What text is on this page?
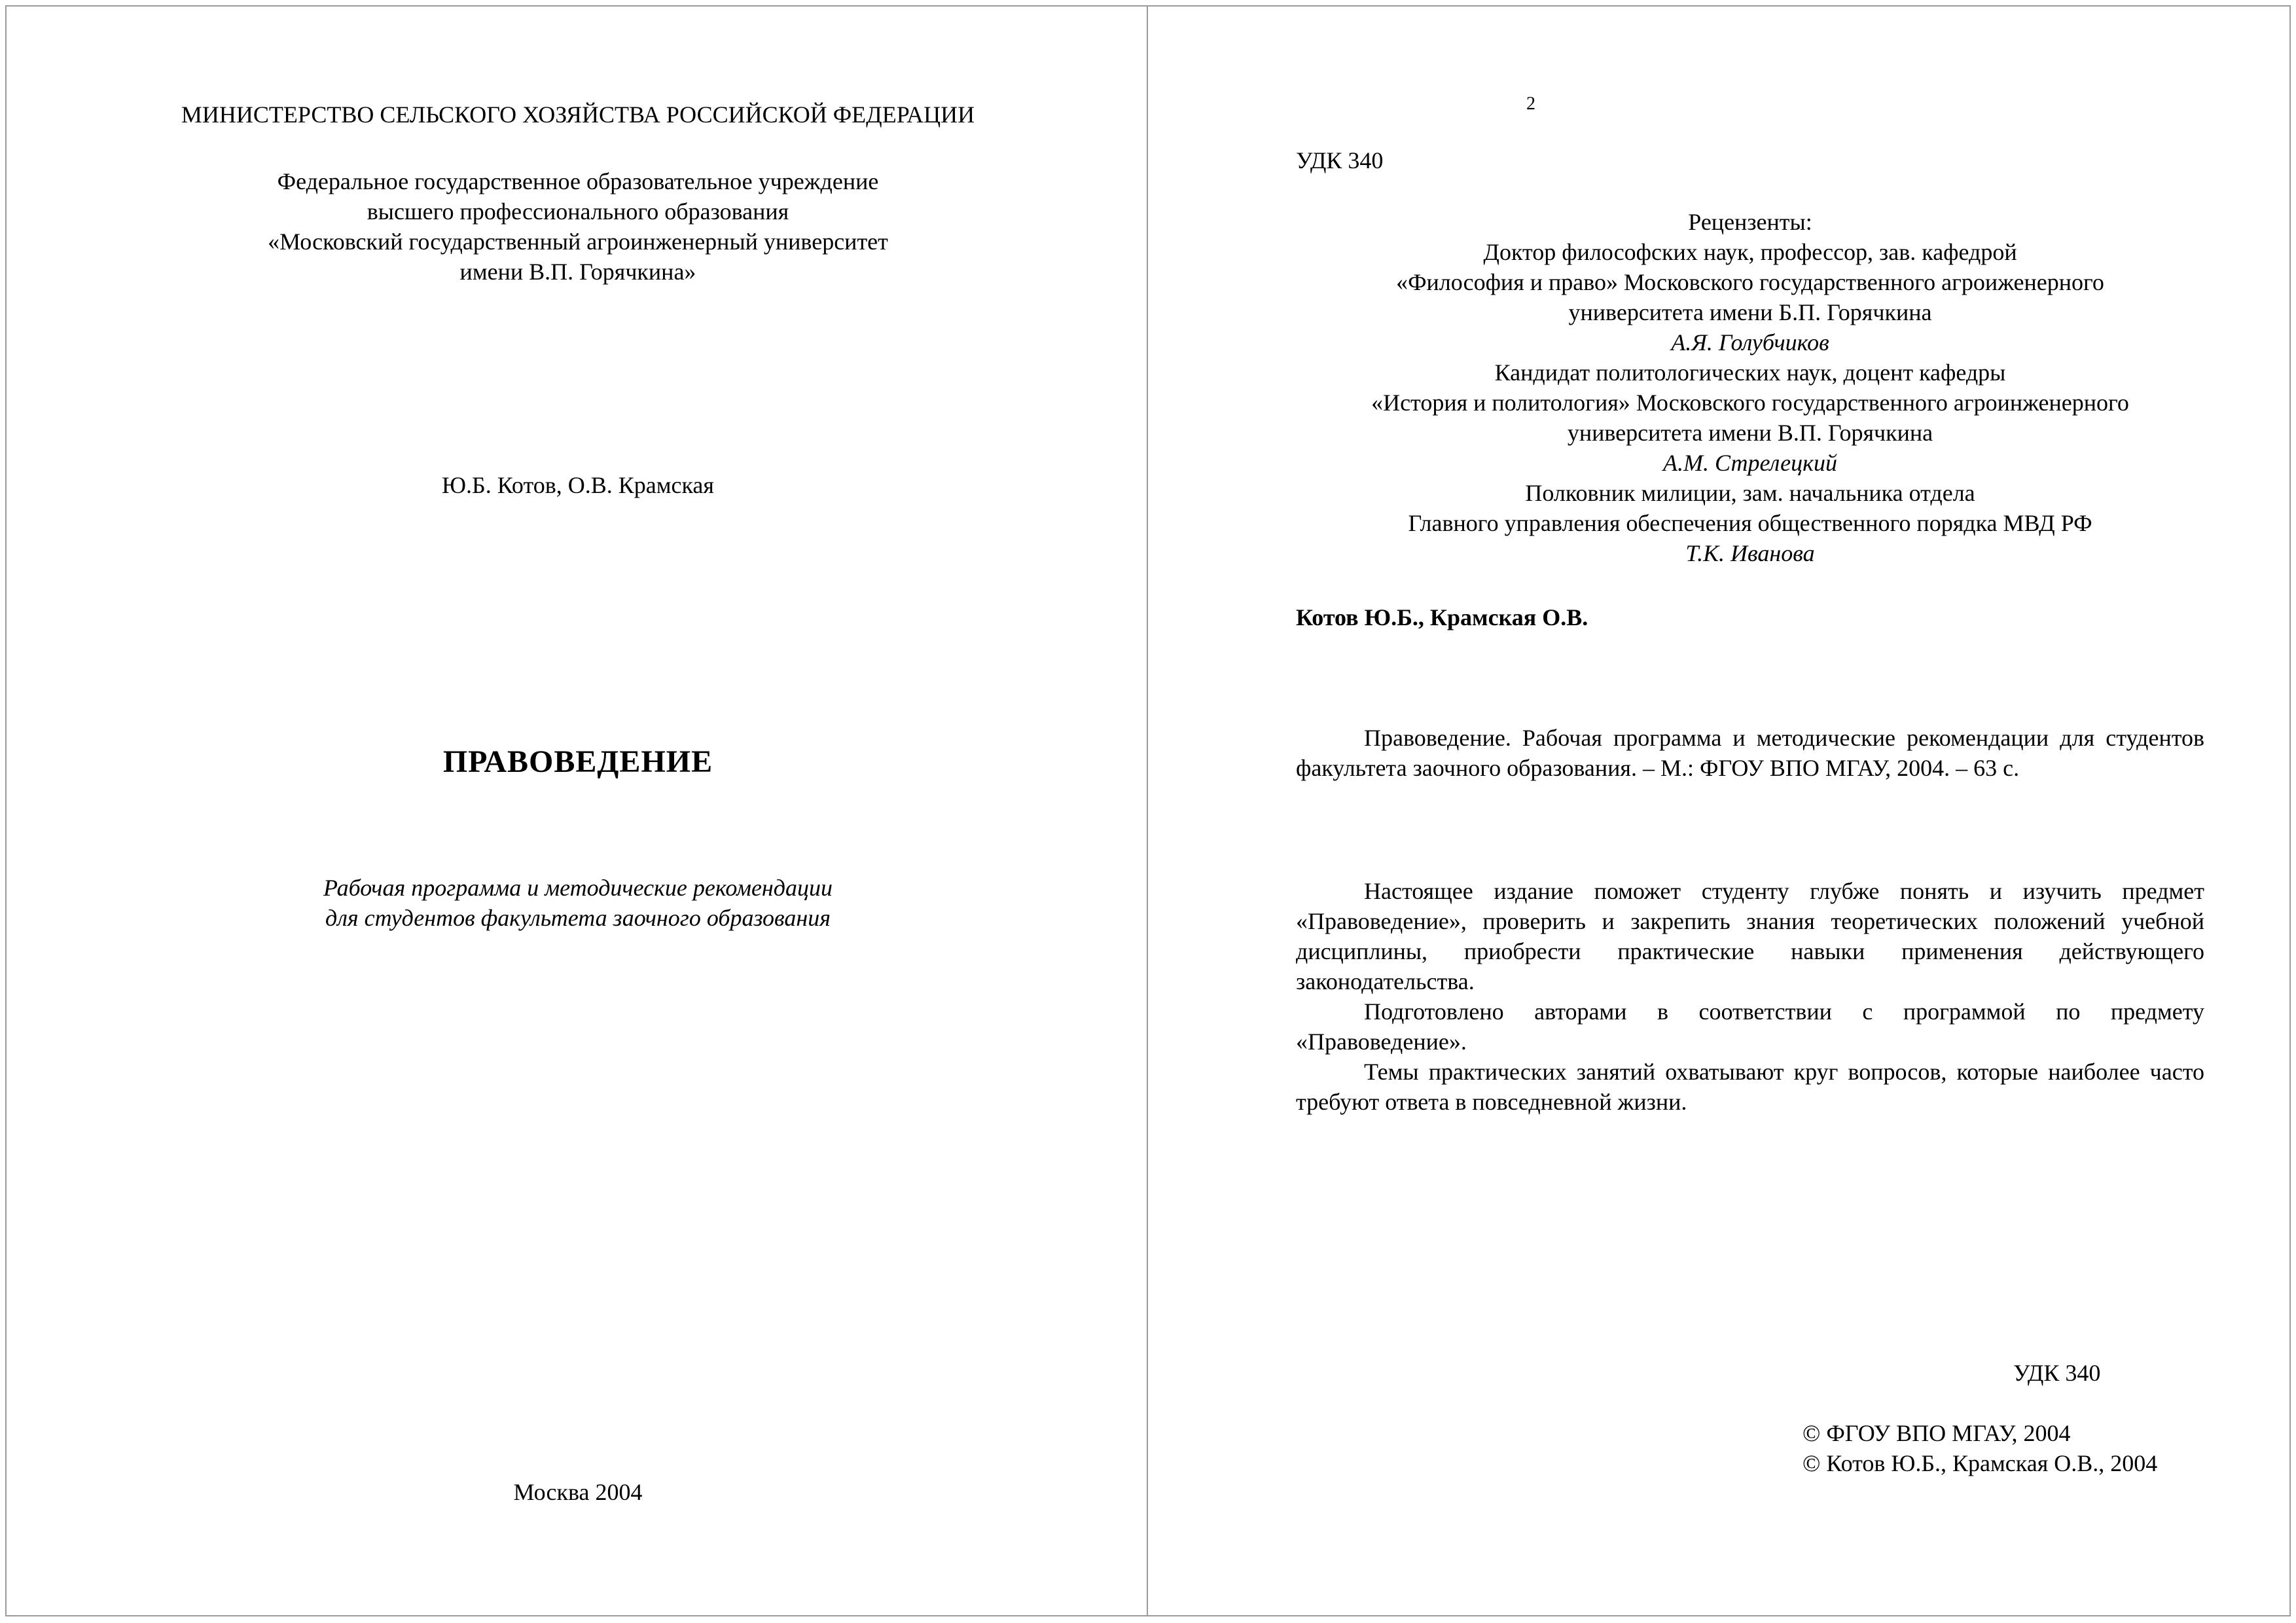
МИНИСТЕРСТВО СЕЛЬСКОГО ХОЗЯЙСТВА РОССИЙСКОЙ ФЕДЕРАЦИИ
Федеральное государственное образовательное учреждение
высшего профессионального образования
«Московский государственный агроинженерный университет
имени В.П. Горячкина»
Ю.Б. Котов, О.В. Крамская
ПРАВОВЕДЕНИЕ
Рабочая программа и методические рекомендации
для студентов факультета заочного образования
Москва 2004
2
УДК 340
Рецензенты:
Доктор философских наук, профессор, зав. кафедрой
«Философия и право» Московского государственного агроиженерного
университета имени Б.П. Горячкина
А.Я. Голубчиков
Кандидат политологических наук, доцент кафедры
«История и политология» Московского государственного агроинженерного
университета имени В.П. Горячкина
А.М. Стрелецкий
Полковник милиции, зам. начальника отдела
Главного управления обеспечения общественного порядка МВД РФ
Т.К. Иванова
Котов Ю.Б., Крамская О.В.

Правоведение. Рабочая программа и методические рекомендации для студентов факультета заочного образования. – М.: ФГОУ ВПО МГАУ, 2004. – 63 с.

Настоящее издание поможет студенту глубже понять и изучить предмет «Правоведение», проверить и закрепить знания теоретических положений учебной дисциплины, приобрести практические навыки применения действующего законодательства.

Подготовлено авторами в соответствии с программой по предмету «Правоведение».

Темы практических занятий охватывают круг вопросов, которые наиболее часто требуют ответа в повседневной жизни.

УДК 340
© ФГОУ ВПО МГАУ, 2004
© Котов Ю.Б., Крамская О.В., 2004
